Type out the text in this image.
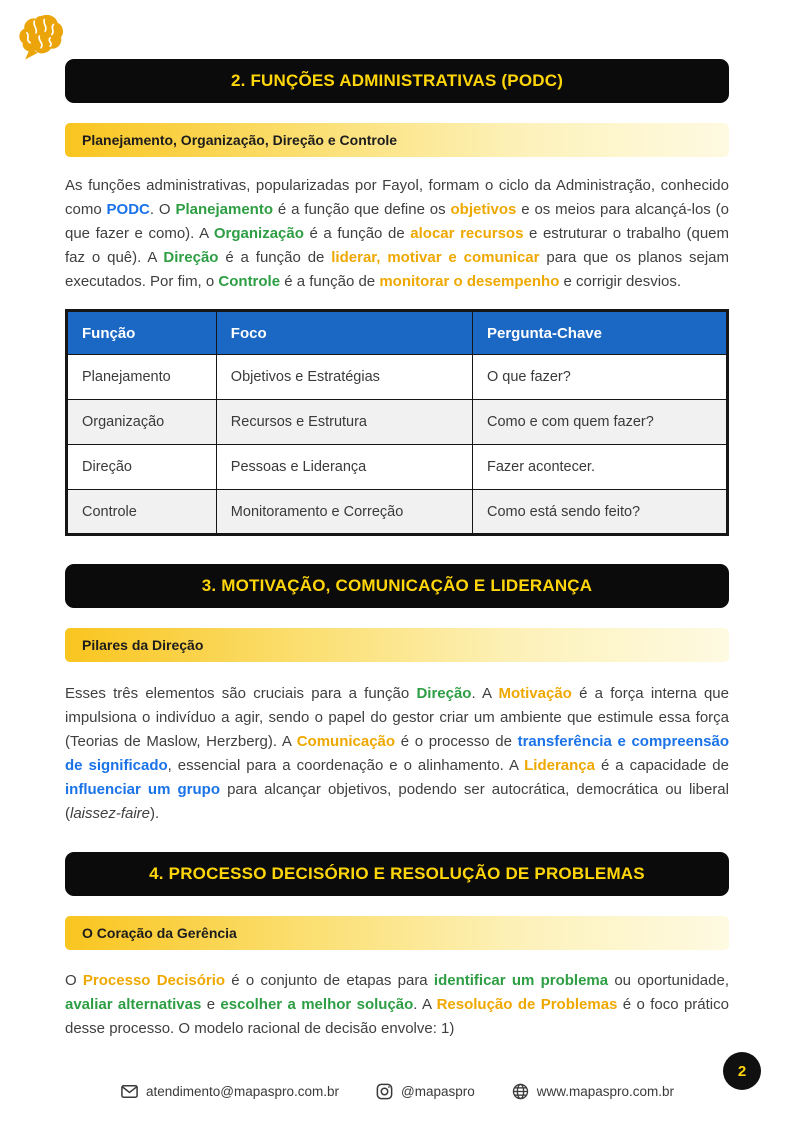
2. FUNÇÕES ADMINISTRATIVAS (PODC)
Planejamento, Organização, Direção e Controle

As funções administrativas, popularizadas por Fayol, formam o ciclo da Administração, conhecido como PODC. O Planejamento é a função que define os objetivos e os meios para alcançá-los (o que fazer e como). A Organização é a função de alocar recursos e estruturar o trabalho (quem faz o quê). A Direção é a função de liderar, motivar e comunicar para que os planos sejam executados. Por fim, o Controle é a função de monitorar o desempenho e corrigir desvios.

Função	Foco	Pergunta-Chave
Planejamento	Objetivos e Estratégias	O que fazer?
Organização	Recursos e Estrutura	Como e com quem fazer?
Direção	Pessoas e Liderança	Fazer acontecer.
Controle	Monitoramento e Correção	Como está sendo feito?
3. MOTIVAÇÃO, COMUNICAÇÃO E LIDERANÇA
Pilares da Direção

Esses três elementos são cruciais para a função Direção. A Motivação é a força interna que impulsiona o indivíduo a agir, sendo o papel do gestor criar um ambiente que estimule essa força (Teorias de Maslow, Herzberg). A Comunicação é o processo de transferência e compreensão de significado, essencial para a coordenação e o alinhamento. A Liderança é a capacidade de influenciar um grupo para alcançar objetivos, podendo ser autocrática, democrática ou liberal (laissez-faire).

4. PROCESSO DECISÓRIO E RESOLUÇÃO DE PROBLEMAS
O Coração da Gerência

O Processo Decisório é o conjunto de etapas para identificar um problema ou oportunidade, avaliar alternativas e escolher a melhor solução. A Resolução de Problemas é o foco prático desse processo. O modelo racional de decisão envolve: 1)

atendimento@mapaspro.com.br	@mapaspro	www.mapaspro.com.br
2
